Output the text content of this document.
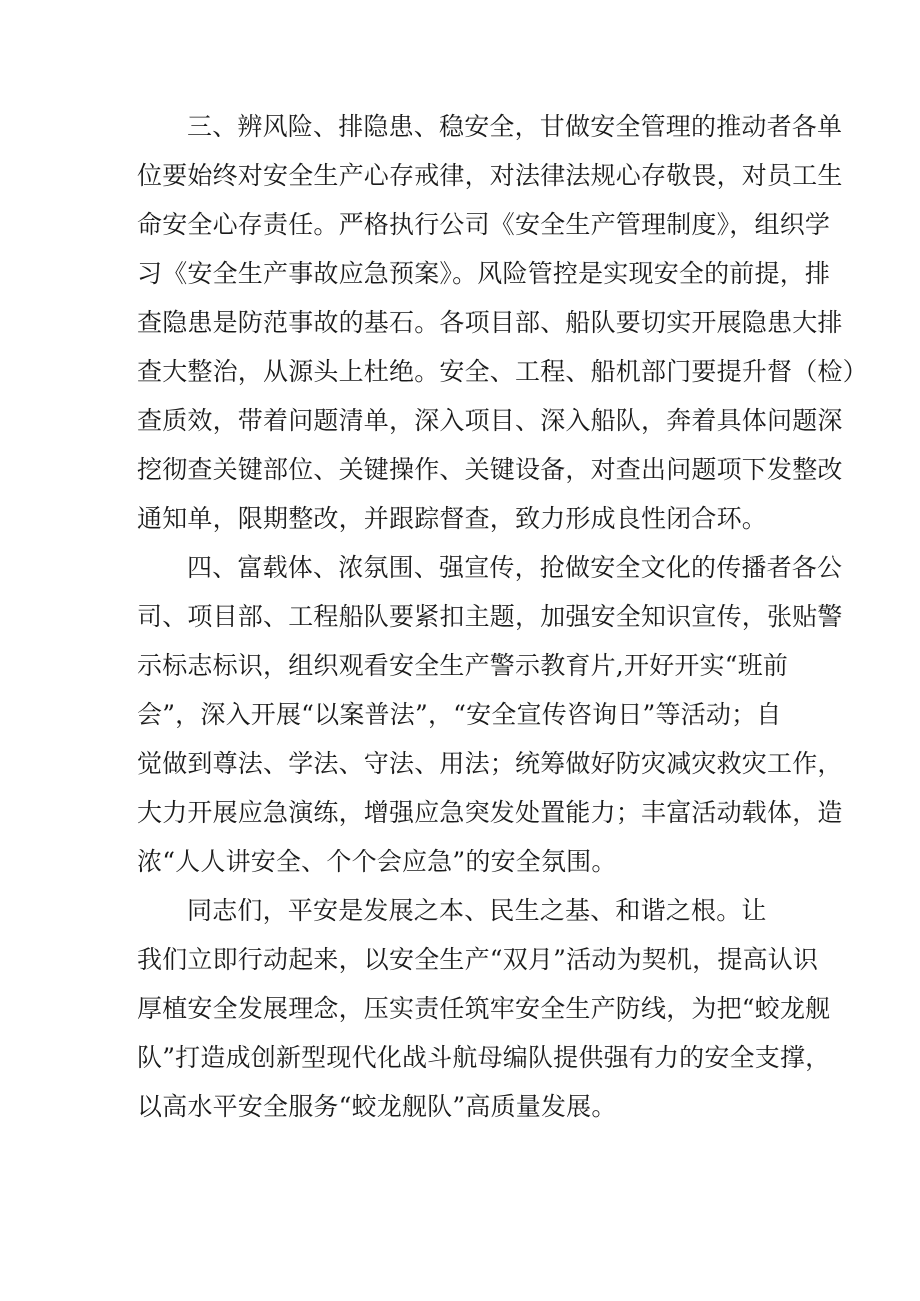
三、辨风险、排隐患、稳安全，甘做安全管理的推动者各单

位要始终对安全生产心存戒律，对法律法规心存敬畏，对员工生

命安全心存责任。严格执行公司《安全生产管理制度》，组织学

习《安全生产事故应急预案》。风险管控是实现安全的前提，排

查隐患是防范事故的基石。各项目部、船队要切实开展隐患大排

查大整治，从源头上杜绝。安全、工程、船机部门要提升督（检）

查质效，带着问题清单，深入项目、深入船队，奔着具体问题深

挖彻查关键部位、关键操作、关键设备，对查出问题项下发整改

通知单，限期整改，并跟踪督查，致力形成良性闭合环。

四、富载体、浓氛围、强宣传，抢做安全文化的传播者各公

司、项目部、工程船队要紧扣主题，加强安全知识宣传，张贴警

示标志标识，组织观看安全生产警示教育片,开好开实“班前

会”，深入开展“以案普法”，“安全宣传咨询日”等活动；自

觉做到尊法、学法、守法、用法；统筹做好防灾减灾救灾工作，

大力开展应急演练，增强应急突发处置能力；丰富活动载体，造

浓“人人讲安全、个个会应急”的安全氛围。

同志们，平安是发展之本、民生之基、和谐之根。让

我们立即行动起来，以安全生产“双月”活动为契机，提高认识

厚植安全发展理念，压实责任筑牢安全生产防线，为把“蛟龙舰

队”打造成创新型现代化战斗航母编队提供强有力的安全支撑，

以高水平安全服务“蛟龙舰队”高质量发展。
